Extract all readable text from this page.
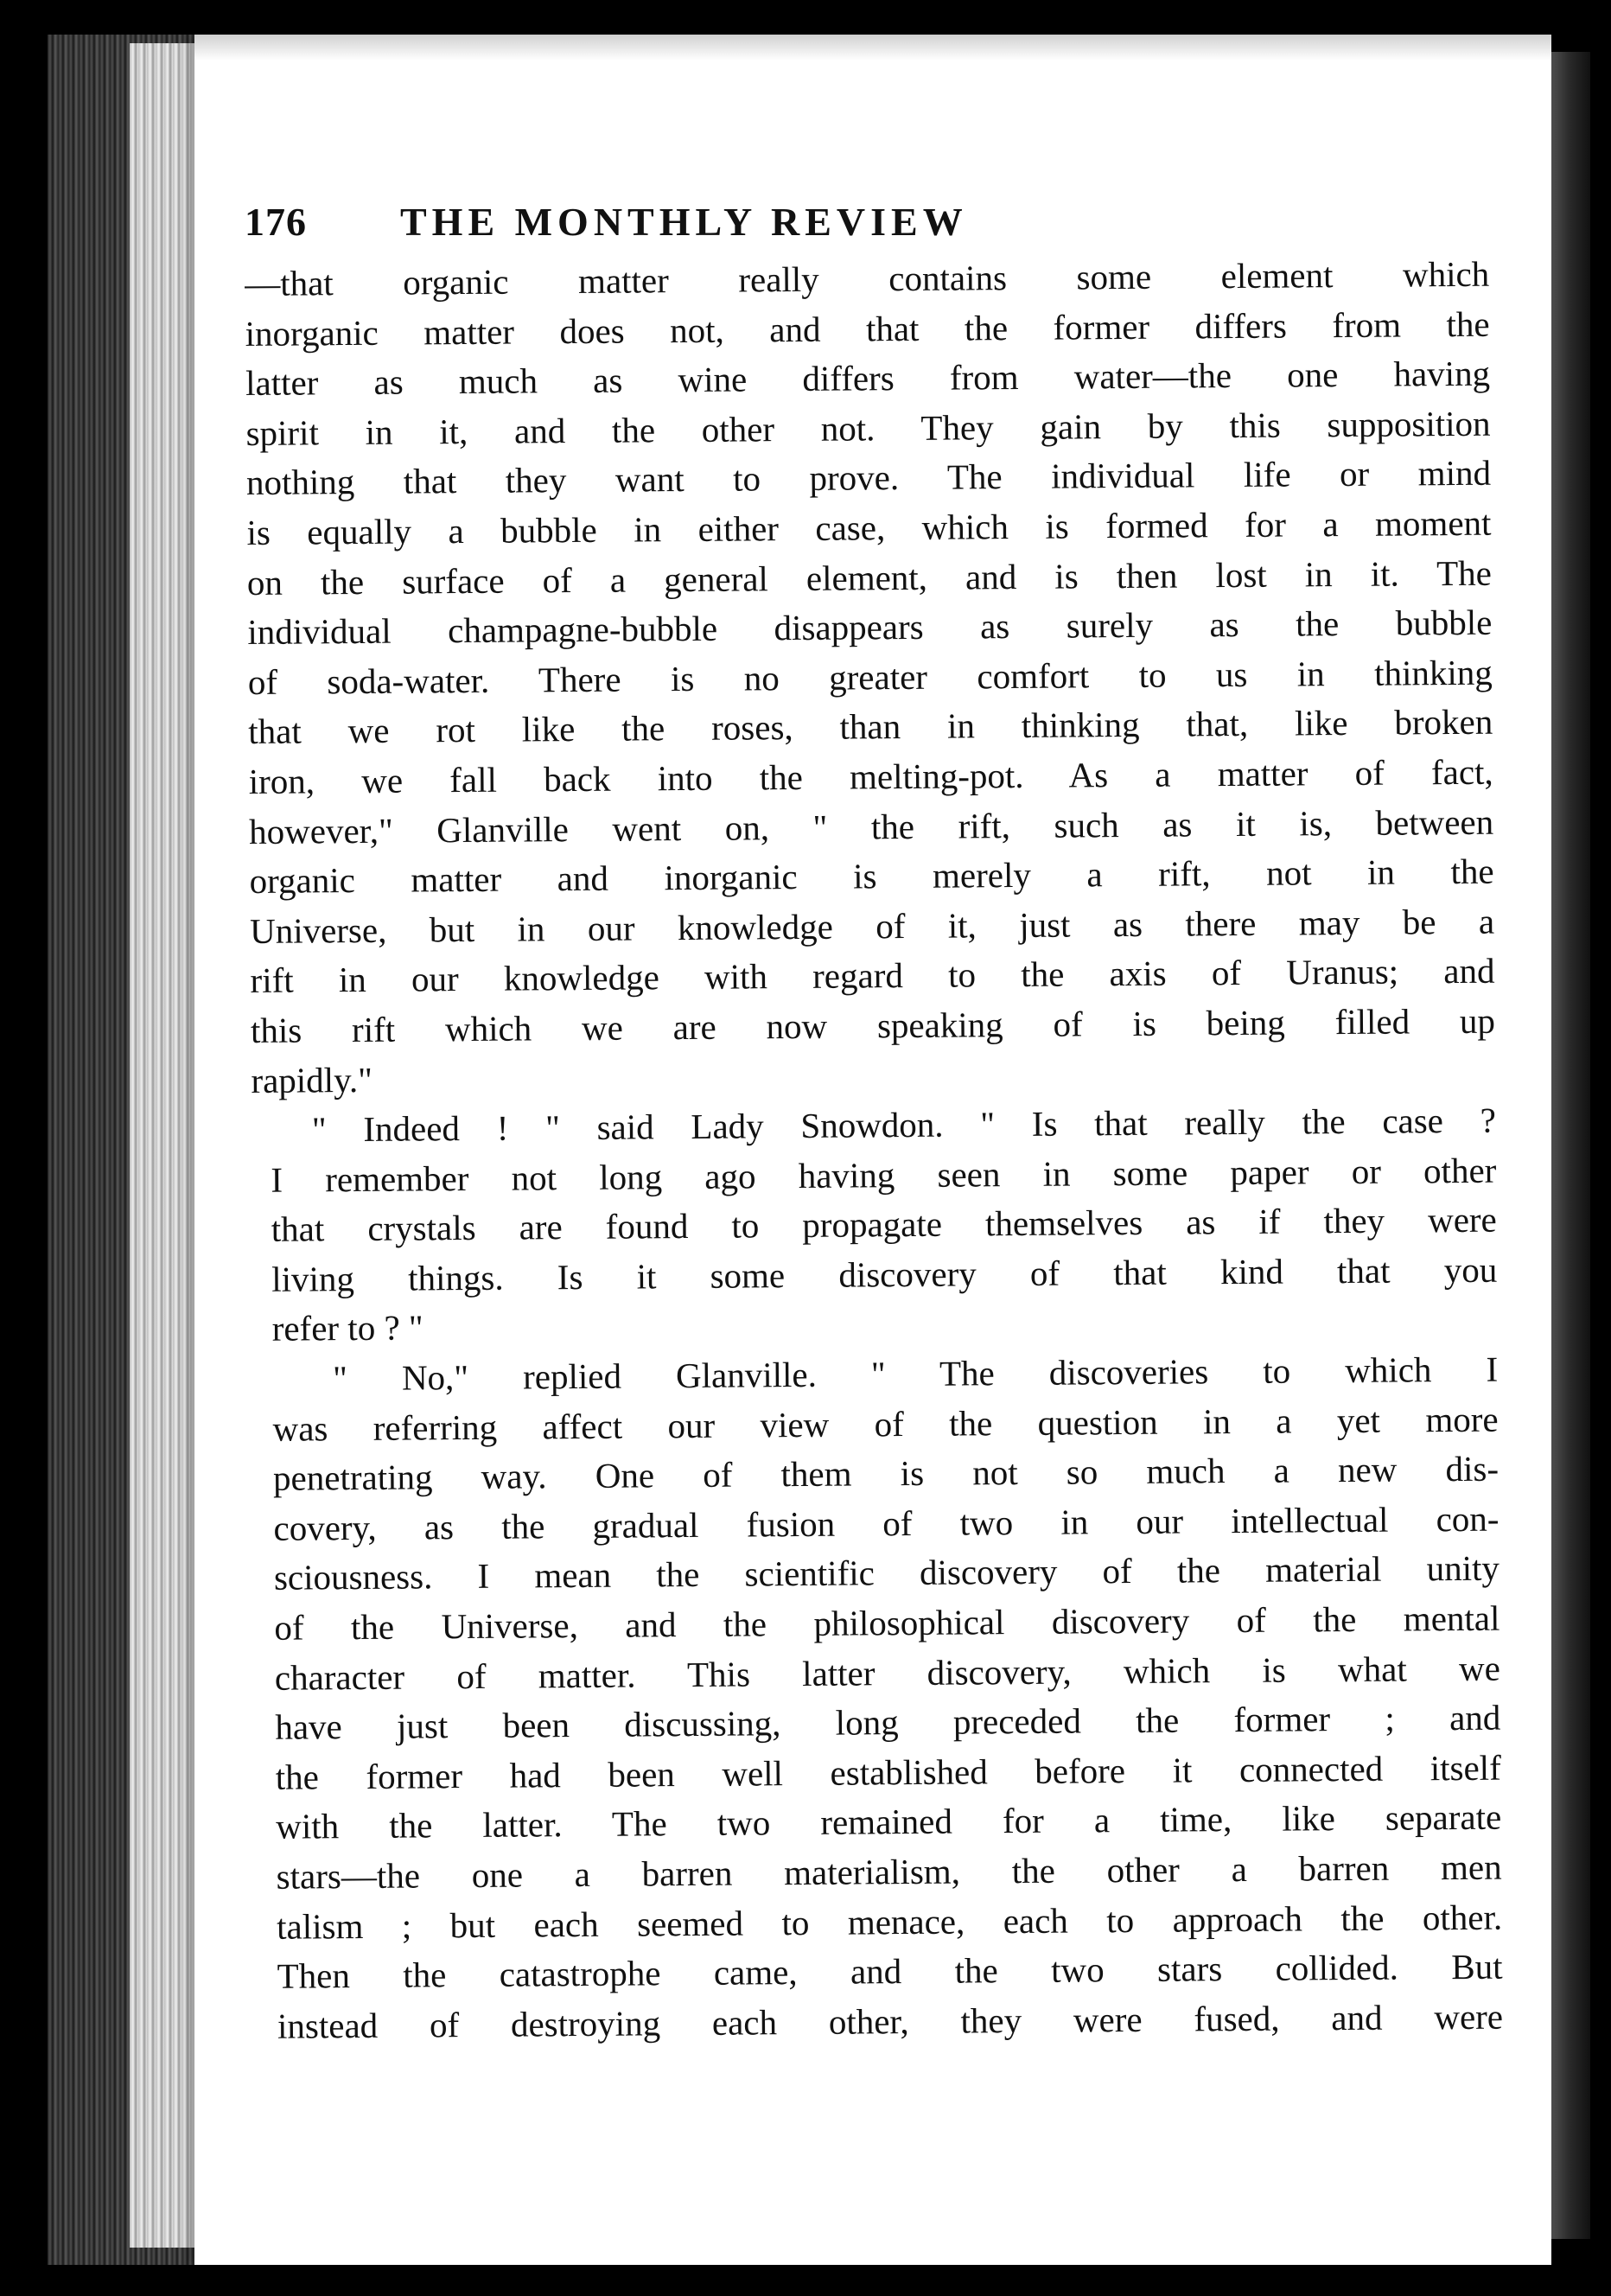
176 THE MONTHLY REVIEW
—that organic matter really contains some element which
inorganic matter does not, and that the former differs from the
latter as much as wine differs from water—the one having
spirit in it, and the other not. They gain by this supposition
nothing that they want to prove. The individual life or mind
is equally a bubble in either case, which is formed for a moment
on the surface of a general element, and is then lost in it. The
individual champagne-bubble disappears as surely as the bubble
of soda-water. There is no greater comfort to us in thinking
that we rot like the roses, than in thinking that, like broken
iron, we fall back into the melting-pot. As a matter of fact,
however," Glanville went on, " the rift, such as it is, between
organic matter and inorganic is merely a rift, not in the
Universe, but in our knowledge of it, just as there may be a
rift in our knowledge with regard to the axis of Uranus; and
this rift which we are now speaking of is being filled up
rapidly."
" Indeed ! " said Lady Snowdon. " Is that really the case ?
I remember not long ago having seen in some paper or other
that crystals are found to propagate themselves as if they were
living things. Is it some discovery of that kind that you
refer to ? "
" No," replied Glanville. " The discoveries to which I
was referring affect our view of the question in a yet more
penetrating way. One of them is not so much a new dis-
covery, as the gradual fusion of two in our intellectual con-
sciousness. I mean the scientific discovery of the material unity
of the Universe, and the philosophical discovery of the mental
character of matter. This latter discovery, which is what we
have just been discussing, long preceded the former ; and
the former had been well established before it connected itself
with the latter. The two remained for a time, like separate
stars—the one a barren materialism, the other a barren men
talism ; but each seemed to menace, each to approach the other.
Then the catastrophe came, and the two stars collided. But
instead of destroying each other, they were fused, and were
